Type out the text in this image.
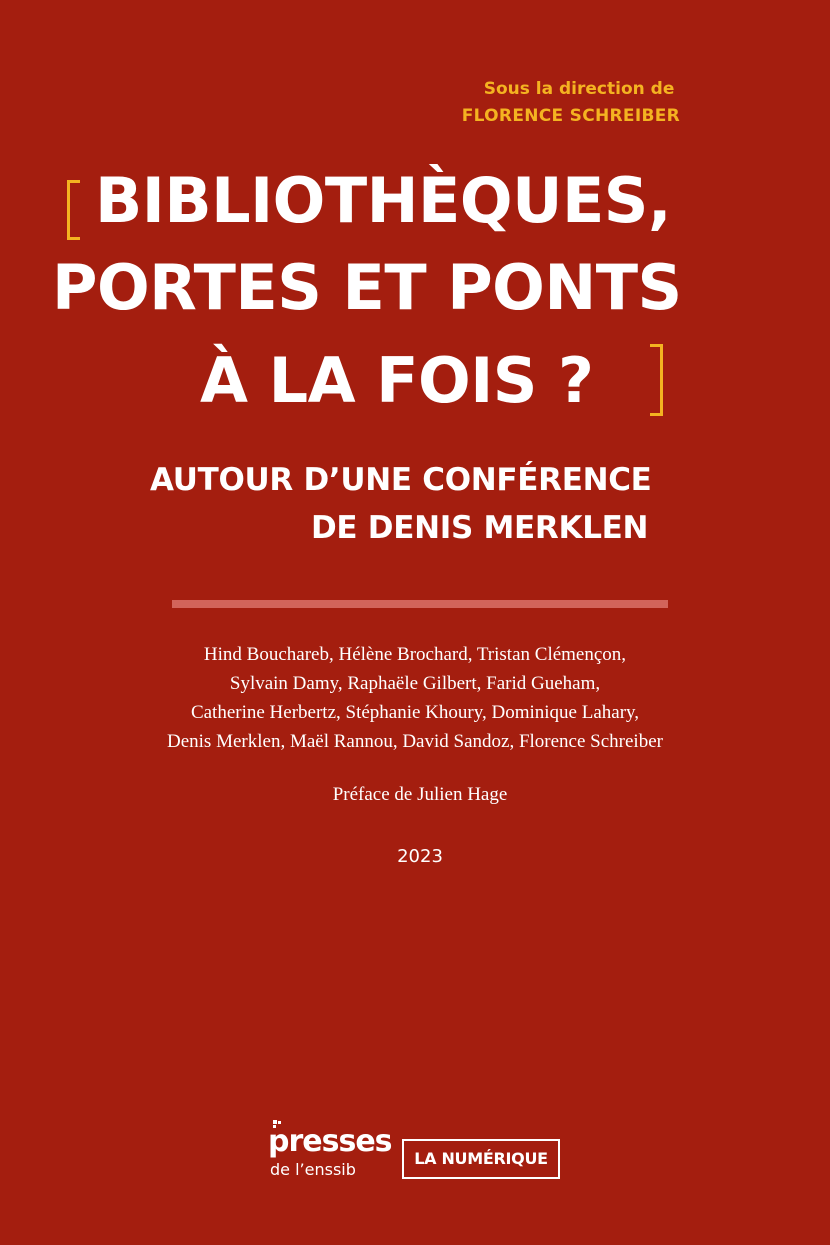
Sous la direction de
FLORENCE SCHREIBER
BIBLIOTHÈQUES,
PORTES ET PONTS
À LA FOIS ?
AUTOUR D’UNE CONFÉRENCE
DE DENIS MERKLEN
Hind Bouchareb, Hélène Brochard, Tristan Clémençon,
Sylvain Damy, Raphaële Gilbert, Farid Gueham,
Catherine Herbertz, Stéphanie Khoury, Dominique Lahary,
Denis Merklen, Maël Rannou, David Sandoz, Florence Schreiber
Préface de Julien Hage
2023
presses
de l’enssib
LA NUMÉRIQUE
